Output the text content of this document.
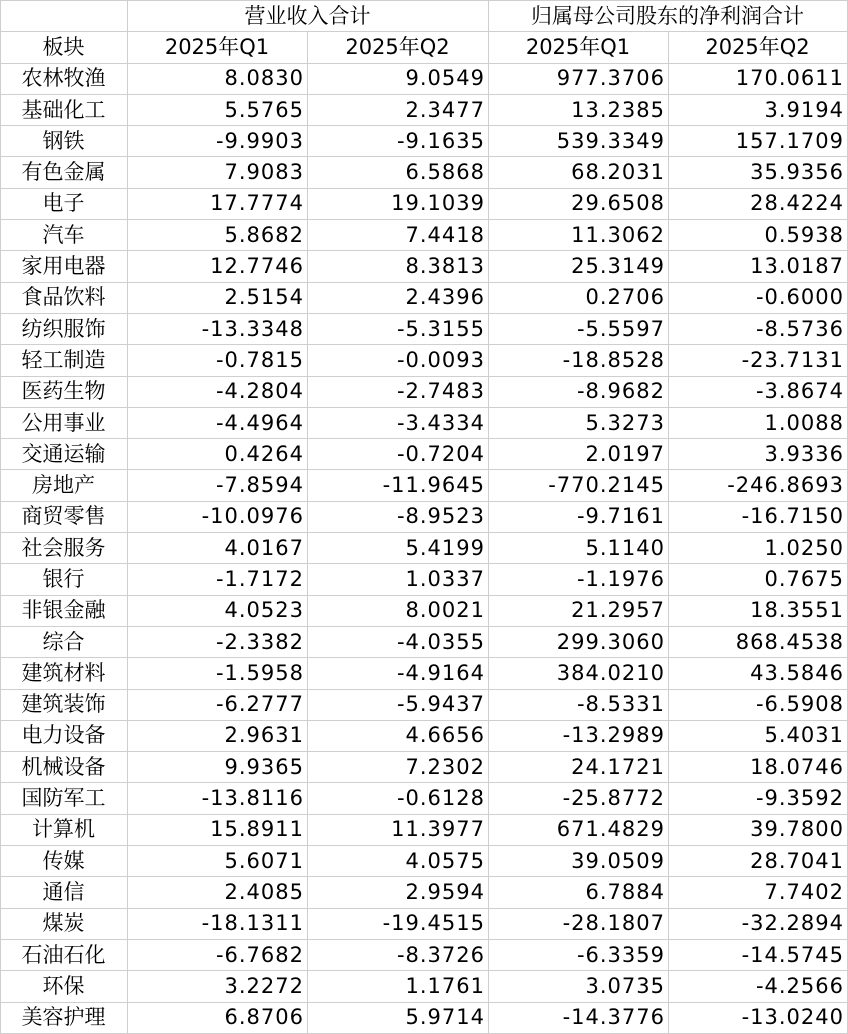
	营业收入合计		归属母公司股东的净利润合计	
板块	2025年Q1	2025年Q2	2025年Q1	2025年Q2
农林牧渔	8.0830	9.0549	977.3706	170.0611
基础化工	5.5765	2.3477	13.2385	3.9194
钢铁	-9.9903	-9.1635	539.3349	157.1709
有色金属	7.9083	6.5868	68.2031	35.9356
电子	17.7774	19.1039	29.6508	28.4224
汽车	5.8682	7.4418	11.3062	0.5938
家用电器	12.7746	8.3813	25.3149	13.0187
食品饮料	2.5154	2.4396	0.2706	-0.6000
纺织服饰	-13.3348	-5.3155	-5.5597	-8.5736
轻工制造	-0.7815	-0.0093	-18.8528	-23.7131
医药生物	-4.2804	-2.7483	-8.9682	-3.8674
公用事业	-4.4964	-3.4334	5.3273	1.0088
交通运输	0.4264	-0.7204	2.0197	3.9336
房地产	-7.8594	-11.9645	-770.2145	-246.8693
商贸零售	-10.0976	-8.9523	-9.7161	-16.7150
社会服务	4.0167	5.4199	5.1140	1.0250
银行	-1.7172	1.0337	-1.1976	0.7675
非银金融	4.0523	8.0021	21.2957	18.3551
综合	-2.3382	-4.0355	299.3060	868.4538
建筑材料	-1.5958	-4.9164	384.0210	43.5846
建筑装饰	-6.2777	-5.9437	-8.5331	-6.5908
电力设备	2.9631	4.6656	-13.2989	5.4031
机械设备	9.9365	7.2302	24.1721	18.0746
国防军工	-13.8116	-0.6128	-25.8772	-9.3592
计算机	15.8911	11.3977	671.4829	39.7800
传媒	5.6071	4.0575	39.0509	28.7041
通信	2.4085	2.9594	6.7884	7.7402
煤炭	-18.1311	-19.4515	-28.1807	-32.2894
石油石化	-6.7682	-8.3726	-6.3359	-14.5745
环保	3.2272	1.1761	3.0735	-4.2566
美容护理	6.8706	5.9714	-14.3776	-13.0240
